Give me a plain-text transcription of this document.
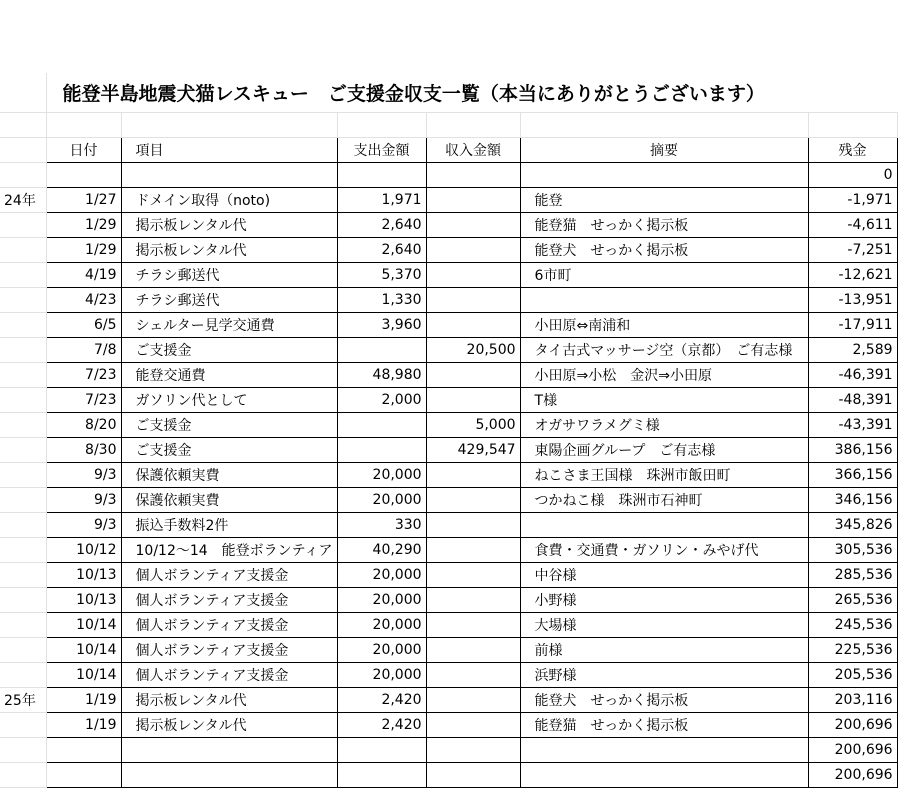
	能登半島地震犬猫レスキュー　ご支援金収支一覧（本当にありがとうございます）					

	日付	項目	支出金額	収入金額	摘要	残金
						0
24年	1/27	ドメイン取得（noto)	1,971		能登	-1,971
	1/29	掲示板レンタル代	2,640		能登猫　せっかく掲示板	-4,611
	1/29	掲示板レンタル代	2,640		能登犬　せっかく掲示板	-7,251
	4/19	チラシ郵送代	5,370		6市町	-12,621
	4/23	チラシ郵送代	1,330			-13,951
	6/5	シェルター見学交通費	3,960		小田原⇔南浦和	-17,911
	7/8	ご支援金		20,500	タイ古式マッサージ空（京都）　ご有志様	2,589
	7/23	能登交通費	48,980		小田原⇒小松　金沢⇒小田原	-46,391
	7/23	ガソリン代として	2,000		T様	-48,391
	8/20	ご支援金		5,000	オガサワラメグミ様	-43,391
	8/30	ご支援金		429,547	東陽企画グループ　ご有志様	386,156
	9/3	保護依頼実費	20,000		ねこさま王国様　珠洲市飯田町	366,156
	9/3	保護依頼実費	20,000		つかねこ様　珠洲市石神町	346,156
	9/3	振込手数料2件	330			345,826
	10/12	10/12～14　能登ボランティア	40,290		食費・交通費・ガソリン・みやげ代	305,536
	10/13	個人ボランティア支援金	20,000		中谷様	285,536
	10/13	個人ボランティア支援金	20,000		小野様	265,536
	10/14	個人ボランティア支援金	20,000		大場様	245,536
	10/14	個人ボランティア支援金	20,000		前様	225,536
	10/14	個人ボランティア支援金	20,000		浜野様	205,536
25年	1/19	掲示板レンタル代	2,420		能登犬　せっかく掲示板	203,116
	1/19	掲示板レンタル代	2,420		能登猫　せっかく掲示板	200,696
						200,696
						200,696
